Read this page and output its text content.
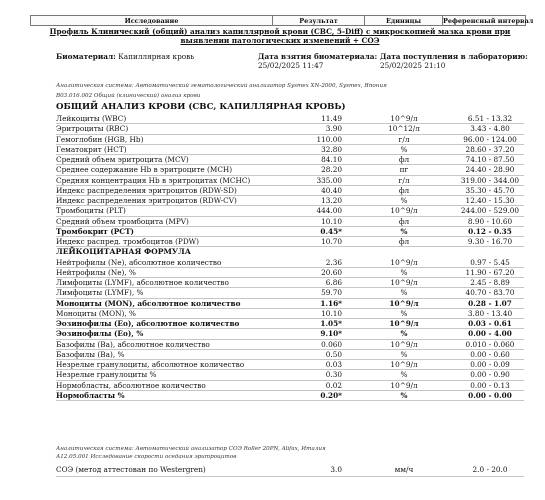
Исследование	Результат	Единицы	Референсный интервал
Профиль Клинический (общий) анализ капиллярной крови (CBC, 5-Diff) с микроскопией мазка крови при выявлении патологических изменений + СОЭ
Биоматериал: Капиллярная кровь	Дата взятия биоматериала:
25/02/2025 11:47
Дата поступления в лабораторию:
25/02/2025 21:10
Аналитическая система: Автоматический гематологический анализатор Sysmex XN-2000, Sysmex, Япония
В03.016.002 Общий (клинический) анализ крови
ОБЩИЙ АНАЛИЗ КРОВИ (CBC, КАПИЛЛЯРНАЯ КРОВЬ)
Лейкоциты (WBC)	11.49	10^9/л	6.51 - 13.32
Эритроциты (RBC)	3.90	10^12/л	3.43 - 4.80
Гемоглобин (HGB, Hb)	110.00	г/л	96.00 - 124.00
Гематокрит (HCT)	32.80	%	28.60 - 37.20
Средний объем эритроцита (MCV)	84.10	фл	74.10 - 87.50
Среднее содержание Hb в эритроците (MCH)	28.20	пг	24.40 - 28.90
Средняя концентрация Hb в эритроцитах (MCHC)	335.00	г/л	319.00 - 344.00
Индекс распределения эритроцитов (RDW-SD)	40.40	фл	35.30 - 45.70
Индекс распределения эритроцитов (RDW-CV)	13.20	%	12.40 - 15.30
Тромбоциты (PLT)	444.00	10^9/л	244.00 - 529.00
Средний объем тромбоцита (MPV)	10.10	фл	8.90 - 10.60
Тромбокрит (PCT)	0.45*	%	0.12 - 0.35
Индекс распред. тромбоцитов (PDW)	10.70	фл	9.30 - 16.70
ЛЕЙКОЦИТАРНАЯ ФОРМУЛА
Нейтрофилы (Ne), абсолютное количество	2.36	10^9/л	0.97 - 5.45
Нейтрофилы (Ne), %	20.60	%	11.90 - 67.20
Лимфоциты (LYMF), абсолютное количество	6.86	10^9/л	2.45 - 8.89
Лимфоциты (LYMF), %	59.70	%	40.70 - 83.70
Моноциты (MON), абсолютное количество	1.16*	10^9/л	0.28 - 1.07
Моноциты (MON), %	10.10	%	3.80 - 13.40
Эозинофилы (Eo), абсолютное количество	1.05*	10^9/л	0.03 - 0.61
Эозинофилы (Eo), %	9.10*	%	0.00 - 4.00
Базофилы (Ba), абсолютное количество	0.060	10^9/л	0.010 - 0.060
Базофилы (Ba), %	0.50	%	0.00 - 0.60
Незрелые гранулоциты, абсолютное количество	0.03	10^9/л	0.00 - 0.09
Незрелые гранулоциты %	0.30	%	0.00 - 0.90
Нормобласты, абсолютное количество	0.02	10^9/л	0.00 - 0.13
Нормобласты %	0.20*	%	0.00 - 0.00
Аналитическая система: Автоматический анализатор СОЭ Roller 20PN, Alifax, Италия
А12.05.001 Исследование скорости оседания эритроцитов
СОЭ (метод аттестован по Westergren)	3.0	мм/ч	2.0 - 20.0
